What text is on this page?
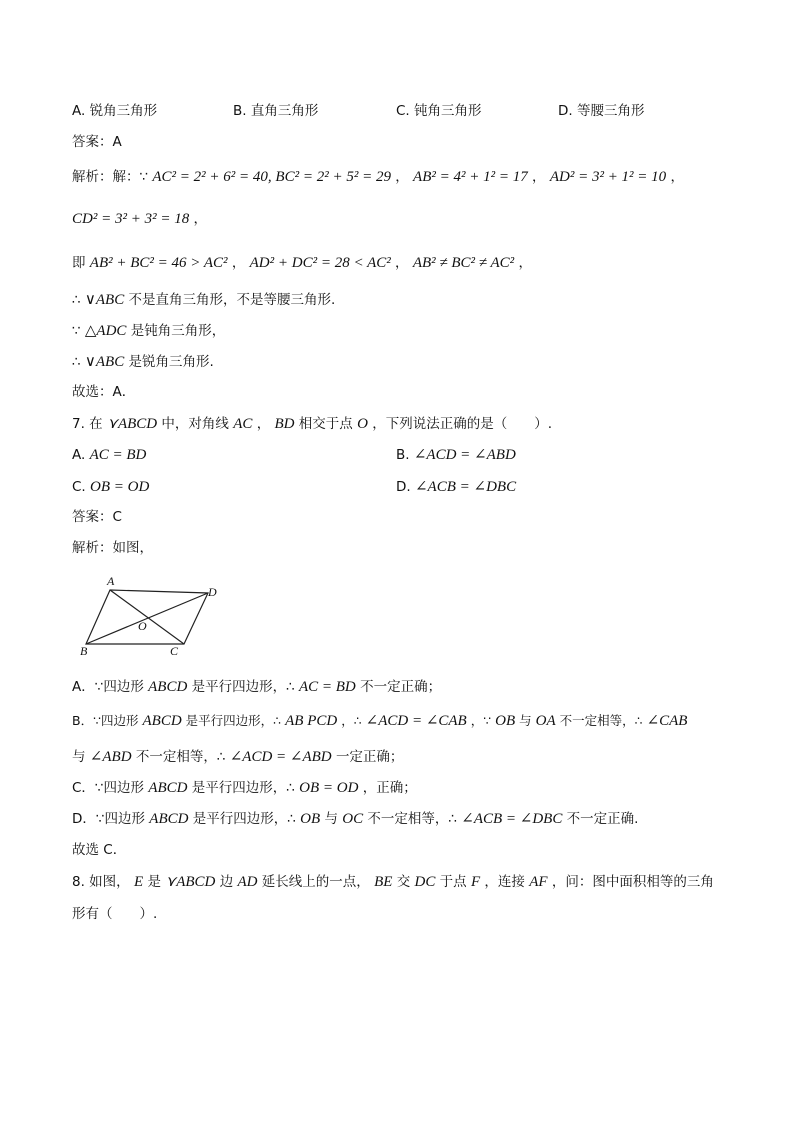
A. 锐角三角形	B. 直角三角形	C. 钝角三角形	D. 等腰三角形
答案：A
解析：解：∵ AC² = 2² + 6² = 40, BC² = 2² + 5² = 29 ， AB² = 4² + 1² = 17 ， AD² = 3² + 1² = 10 ，
CD² = 3² + 3² = 18 ，
即 AB² + BC² = 46 > AC² ， AD² + DC² = 28 < AC² ， AB² ≠ BC² ≠ AC² ，
∴ ∨ABC 不是直角三角形，不是等腰三角形.
∵ △ADC 是钝角三角形，
∴ ∨ABC 是锐角三角形.
故选：A．
7. 在 ⋎ABCD 中，对角线 AC ， BD 相交于点 O ，下列说法正确的是（　　）.
A. AC = BD	B. ∠ACD = ∠ABD
C. OB = OD	D. ∠ACB = ∠DBC
答案：C
解析：如图，
A
D
O
B	C
A．∵四边形 ABCD 是平行四边形，∴ AC = BD 不一定正确；
B．∵四边形 ABCD 是平行四边形，∴ AB PCD ，∴ ∠ACD = ∠CAB ，∵ OB 与 OA 不一定相等，∴ ∠CAB
与 ∠ABD 不一定相等，∴ ∠ACD = ∠ABD 一定正确；
C．∵四边形 ABCD 是平行四边形，∴ OB = OD ，正确；
D．∵四边形 ABCD 是平行四边形，∴ OB 与 OC 不一定相等，∴ ∠ACB = ∠DBC 不一定正确.
故选 C．
8. 如图， E 是 ⋎ABCD 边 AD 延长线上的一点， BE 交 DC 于点 F ，连接 AF ，问：图中面积相等的三角
形有（　　）.
